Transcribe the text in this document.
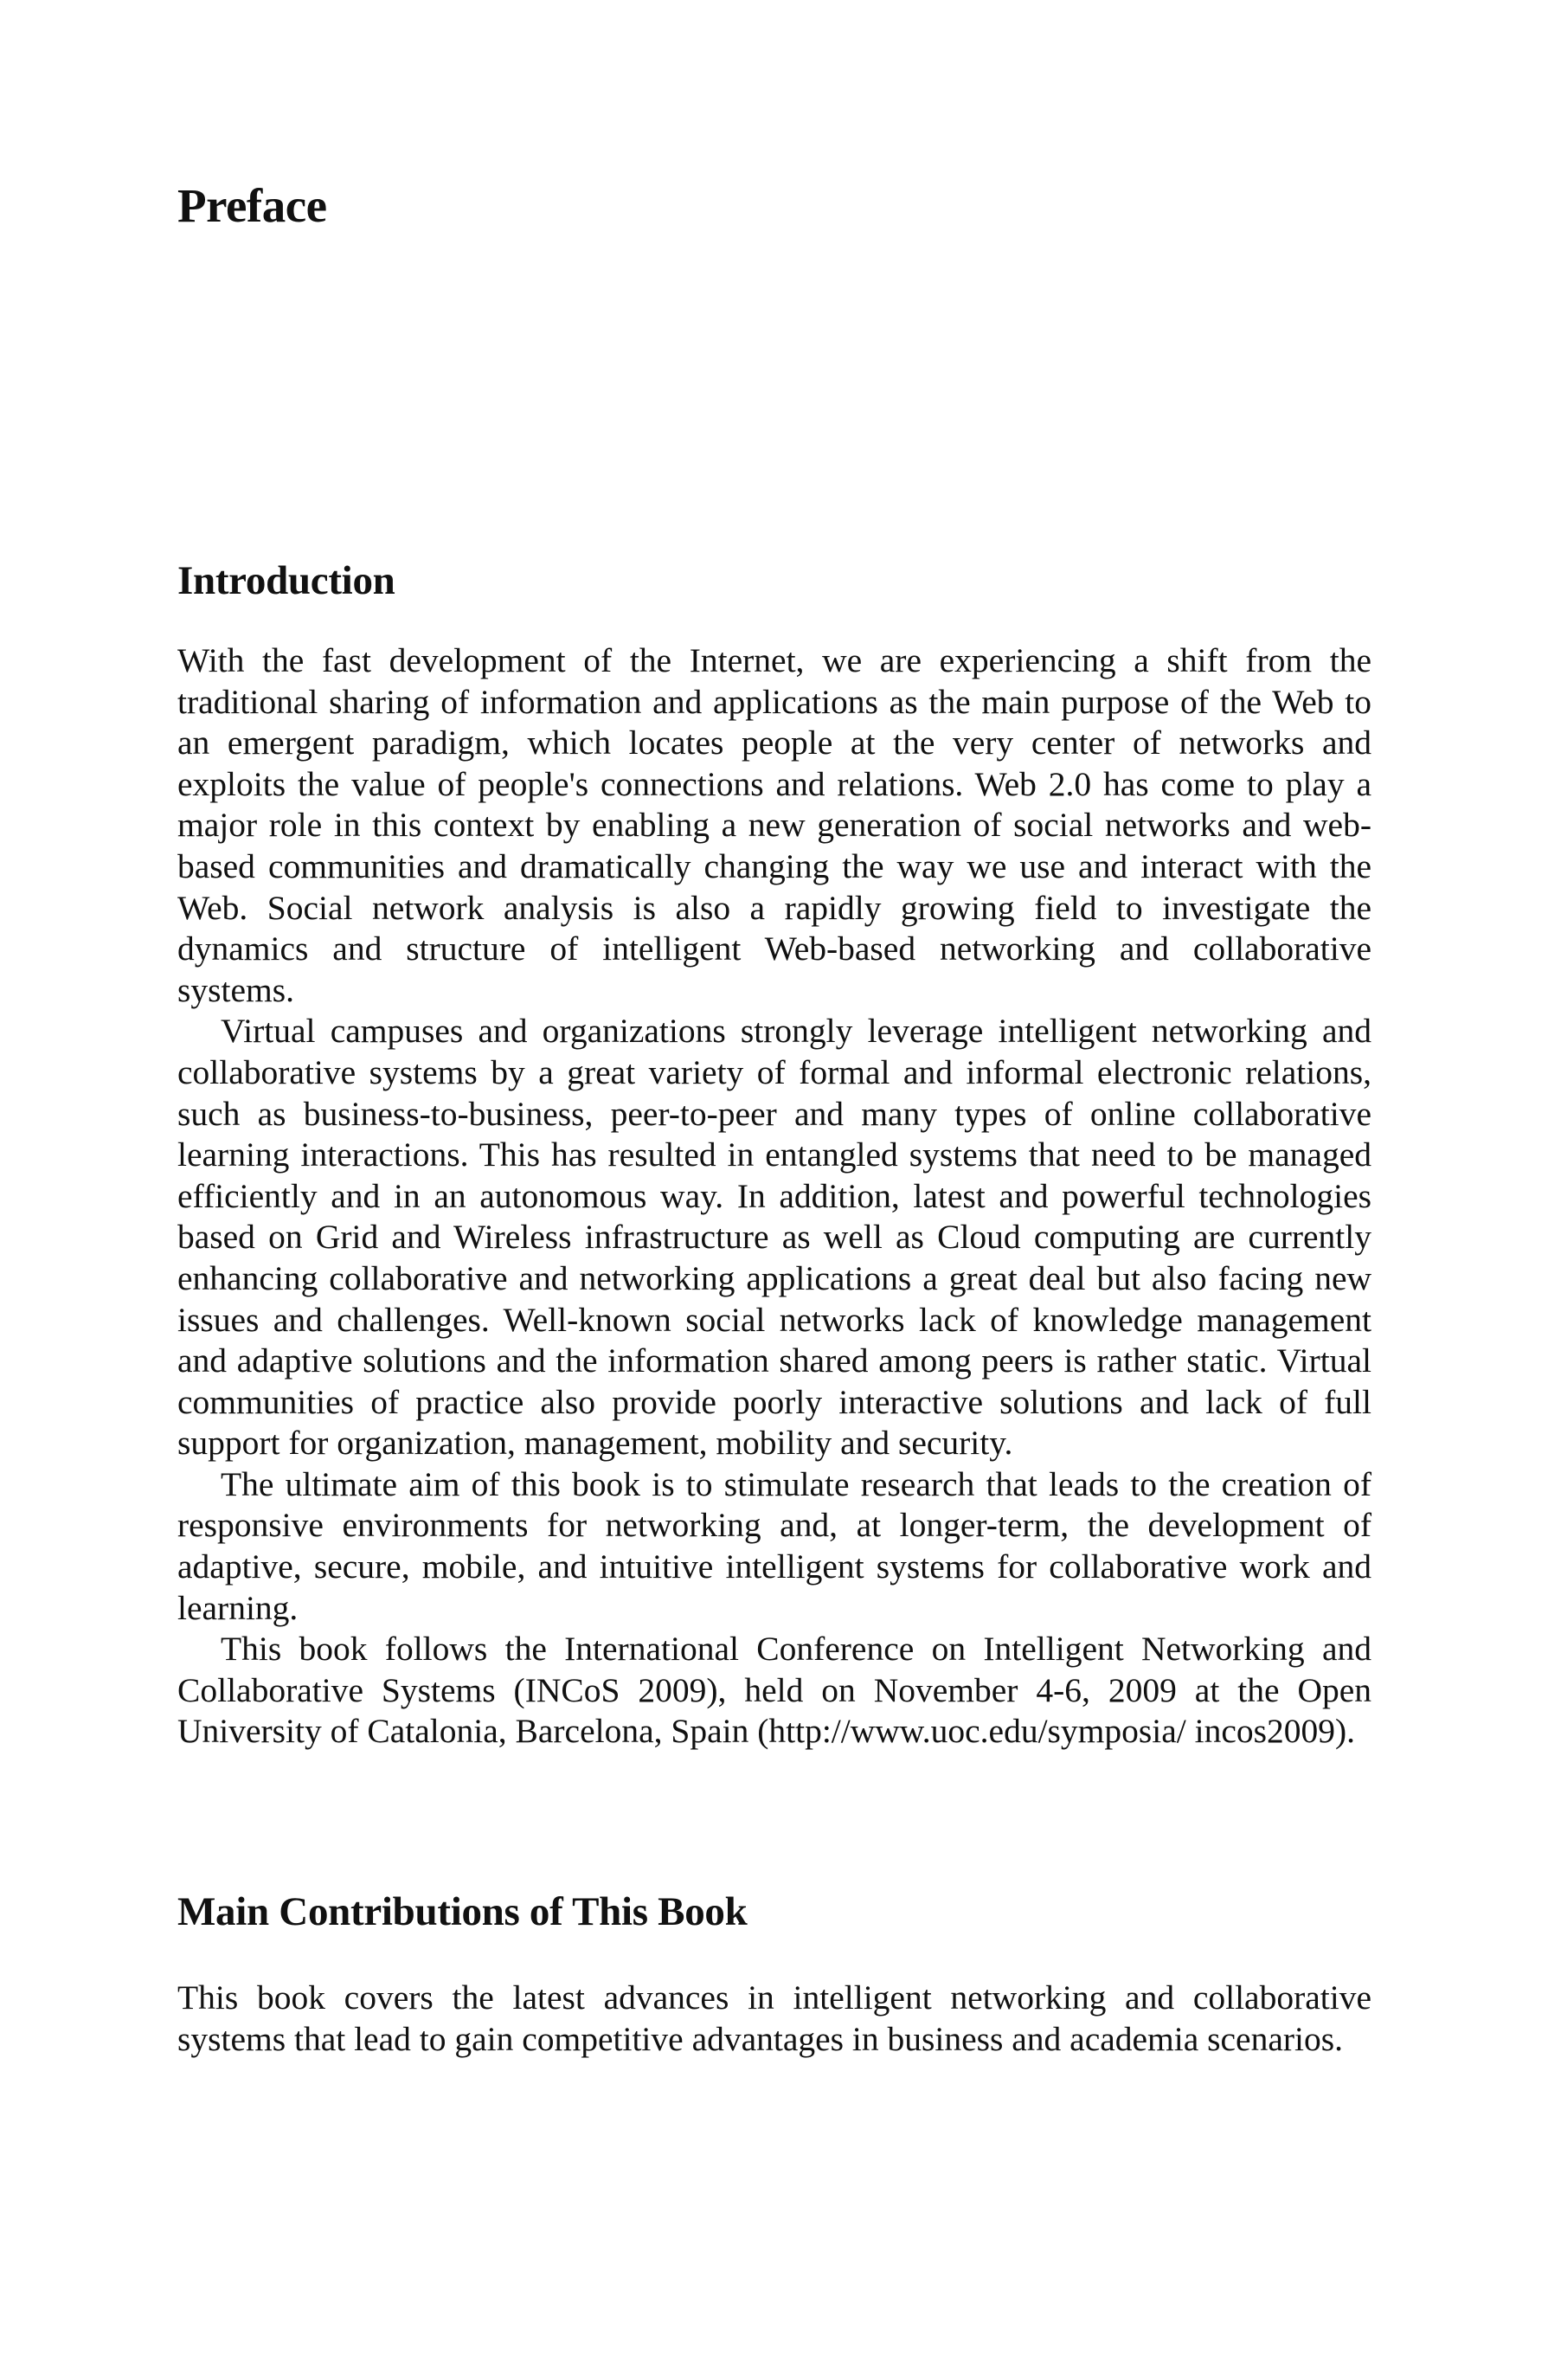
Preface
Introduction

With the fast development of the Internet, we are experiencing a shift from the traditional sharing of information and applications as the main purpose of the Web to an emergent paradigm, which locates people at the very center of networks and exploits the value of people's connections and relations. Web 2.0 has come to play a major role in this context by enabling a new generation of social networks and web-based communities and dramatically changing the way we use and interact with the Web. Social network analysis is also a rapidly growing field to investigate the dynamics and structure of intelligent Web-based networking and collaborative systems.

Virtual campuses and organizations strongly leverage intelligent networking and collaborative systems by a great variety of formal and informal electronic relations, such as business-to-business, peer-to-peer and many types of online collaborative learning interactions. This has resulted in entangled systems that need to be managed efficiently and in an autonomous way. In addition, latest and powerful technologies based on Grid and Wireless infrastructure as well as Cloud computing are currently enhancing collaborative and networking applications a great deal but also facing new issues and challenges. Well-known social networks lack of knowledge management and adaptive solutions and the information shared among peers is rather static. Virtual communities of practice also provide poorly interactive solutions and lack of full support for organization, management, mobility and security.

The ultimate aim of this book is to stimulate research that leads to the creation of responsive environments for networking and, at longer-term, the development of adaptive, secure, mobile, and intuitive intelligent systems for collaborative work and learning.

This book follows the International Conference on Intelligent Networking and Collaborative Systems (INCoS 2009), held on November 4-6, 2009 at the Open University of Catalonia, Barcelona, Spain (http://www.uoc.edu/symposia/ incos2009).

Main Contributions of This Book

This book covers the latest advances in intelligent networking and collaborative systems that lead to gain competitive advantages in business and academia scenarios.
